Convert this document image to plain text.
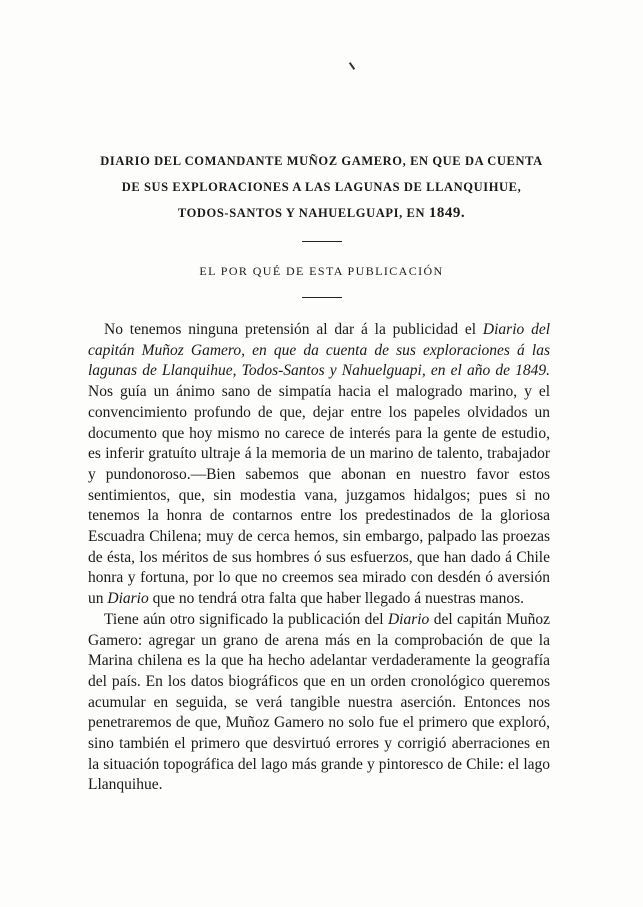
DIARIO DEL COMANDANTE MUÑOZ GAMERO, EN QUE DA CUENTA
DE SUS EXPLORACIONES A LAS LAGUNAS DE LLANQUIHUE,
TODOS-SANTOS Y NAHUELGUAPI, EN 1849.
EL POR QUÉ DE ESTA PUBLICACIÓN

No tenemos ninguna pretensión al dar á la publicidad el Diario del capitán Muñoz Gamero, en que da cuenta de sus exploraciones á las lagunas de Llanquihue, Todos-Santos y Nahuelguapi, en el año de 1849. Nos guía un ánimo sano de simpatía hacia el malogrado marino, y el convencimiento profundo de que, dejar entre los papeles olvidados un documento que hoy mismo no carece de interés para la gente de estudio, es inferir gratuíto ultraje á la memoria de un marino de talento, trabajador y pundonoroso.—Bien sabemos que abonan en nuestro favor estos sentimientos, que, sin modestia vana, juzgamos hidalgos; pues si no tenemos la honra de contarnos entre los predestinados de la gloriosa Escuadra Chilena; muy de cerca hemos, sin embargo, palpado las proezas de ésta, los méritos de sus hombres ó sus esfuerzos, que han dado á Chile honra y fortuna, por lo que no creemos sea mirado con desdén ó aversión un Diario que no tendrá otra falta que haber llegado á nuestras manos.

Tiene aún otro significado la publicación del Diario del capitán Muñoz Gamero: agregar un grano de arena más en la comprobación de que la Marina chilena es la que ha hecho adelantar verdaderamente la geografía del país. En los datos biográficos que en un orden cronológico queremos acumular en seguida, se verá tangible nuestra aserción. Entonces nos penetraremos de que, Muñoz Gamero no solo fue el primero que exploró, sino también el primero que desvirtuó errores y corrigió aberraciones en la situación topográfica del lago más grande y pintoresco de Chile: el lago Llanquihue.
